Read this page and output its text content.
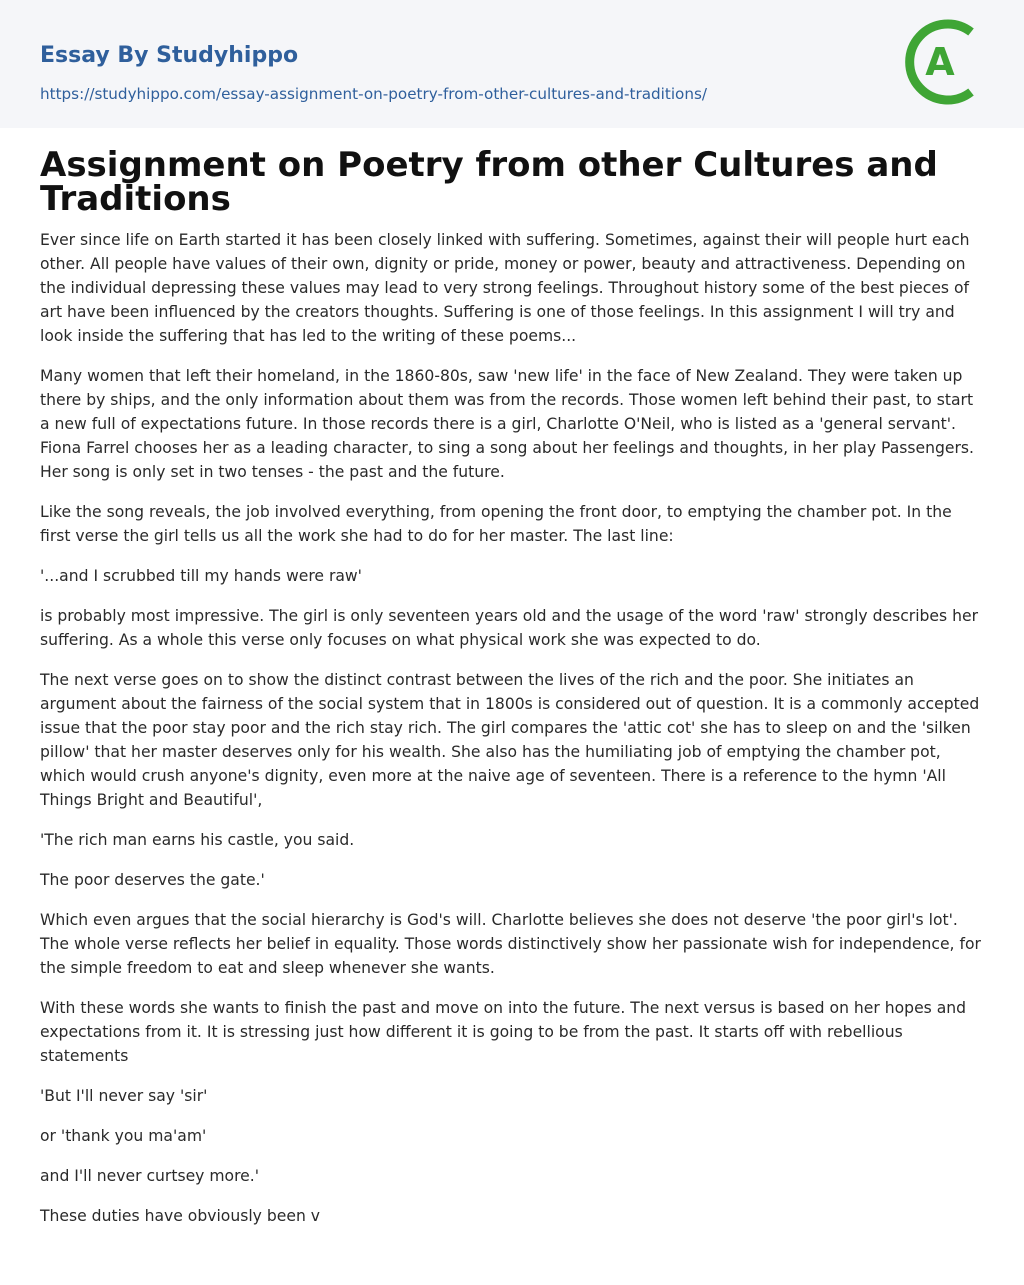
Essay By Studyhippo
https://studyhippo.com/essay-assignment-on-poetry-from-other-cultures-and-traditions/
A
Assignment on Poetry from other Cultures and Traditions

Ever since life on Earth started it has been closely linked with suffering. Sometimes, against their will people hurt each other. All people have values of their own, dignity or pride, money or power, beauty and attractiveness. Depending on the individual depressing these values may lead to very strong feelings. Throughout history some of the best pieces of art have been influenced by the creators thoughts. Suffering is one of those feelings. In this assignment I will try and look inside the suffering that has led to the writing of these poems...

Many women that left their homeland, in the 1860-80s, saw 'new life' in the face of New Zealand. They were taken up there by ships, and the only information about them was from the records. Those women left behind their past, to start a new full of expectations future. In those records there is a girl, Charlotte O'Neil, who is listed as a 'general servant'. Fiona Farrel chooses her as a leading character, to sing a song about her feelings and thoughts, in her play Passengers. Her song is only set in two tenses - the past and the future.

Like the song reveals, the job involved everything, from opening the front door, to emptying the chamber pot. In the first verse the girl tells us all the work she had to do for her master. The last line:

'...and I scrubbed till my hands were raw'

is probably most impressive. The girl is only seventeen years old and the usage of the word 'raw' strongly describes her suffering. As a whole this verse only focuses on what physical work she was expected to do.

The next verse goes on to show the distinct contrast between the lives of the rich and the poor. She initiates an argument about the fairness of the social system that in 1800s is considered out of question. It is a commonly accepted issue that the poor stay poor and the rich stay rich. The girl compares the 'attic cot' she has to sleep on and the 'silken pillow' that her master deserves only for his wealth. She also has the humiliating job of emptying the chamber pot, which would crush anyone's dignity, even more at the naive age of seventeen. There is a reference to the hymn 'All Things Bright and Beautiful',

'The rich man earns his castle, you said.

The poor deserves the gate.'

Which even argues that the social hierarchy is God's will. Charlotte believes she does not deserve 'the poor girl's lot'. The whole verse reflects her belief in equality. Those words distinctively show her passionate wish for independence, for the simple freedom to eat and sleep whenever she wants.

With these words she wants to finish the past and move on into the future. The next versus is based on her hopes and expectations from it. It is stressing just how different it is going to be from the past. It starts off with rebellious statements

'But I'll never say 'sir'

or 'thank you ma'am'

and I'll never curtsey more.'

These duties have obviously been v
